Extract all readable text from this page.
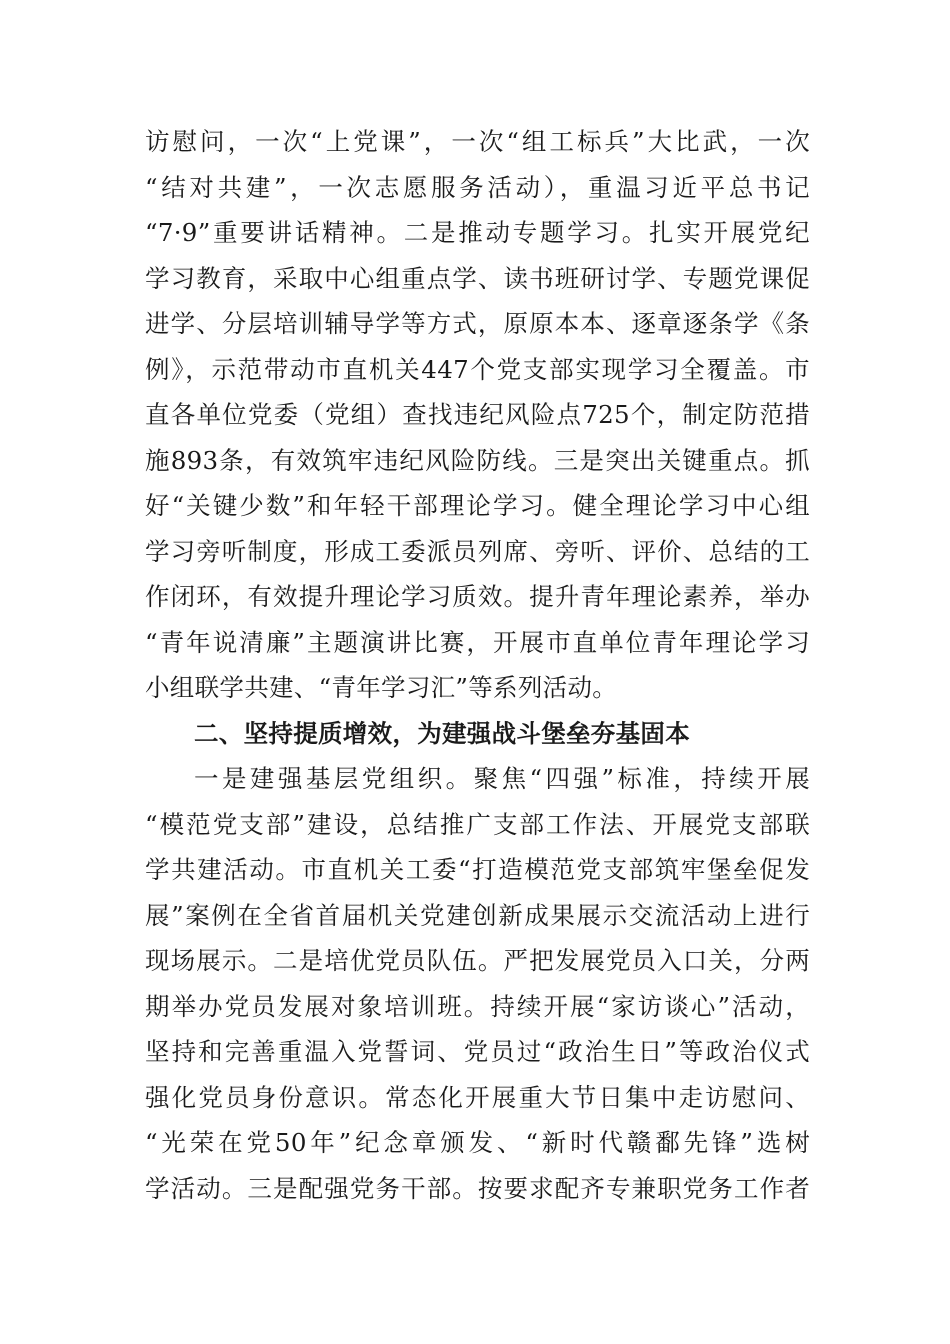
访慰问，一次“上党课”，一次“组工标兵”大比武，一次
“结对共建”，一次志愿服务活动），重温习近平总书记
“7·9”重要讲话精神。二是推动专题学习。扎实开展党纪
学习教育，采取中心组重点学、读书班研讨学、专题党课促
进学、分层培训辅导学等方式，原原本本、逐章逐条学《条
例》，示范带动市直机关447个党支部实现学习全覆盖。市
直各单位党委（党组）查找违纪风险点725个，制定防范措
施893条，有效筑牢违纪风险防线。三是突出关键重点。抓
好“关键少数”和年轻干部理论学习。健全理论学习中心组
学习旁听制度，形成工委派员列席、旁听、评价、总结的工
作闭环，有效提升理论学习质效。提升青年理论素养，举办
“青年说清廉”主题演讲比赛，开展市直单位青年理论学习
小组联学共建、“青年学习汇”等系列活动。
二、坚持提质增效，为建强战斗堡垒夯基固本
一是建强基层党组织。聚焦“四强”标准，持续开展
“模范党支部”建设，总结推广支部工作法、开展党支部联
学共建活动。市直机关工委“打造模范党支部筑牢堡垒促发
展”案例在全省首届机关党建创新成果展示交流活动上进行
现场展示。二是培优党员队伍。严把发展党员入口关，分两
期举办党员发展对象培训班。持续开展“家访谈心”活动，
坚持和完善重温入党誓词、党员过“政治生日”等政治仪式
强化党员身份意识。常态化开展重大节日集中走访慰问、
“光荣在党50年”纪念章颁发、“新时代赣鄱先锋”选树
学活动。三是配强党务干部。按要求配齐专兼职党务工作者
